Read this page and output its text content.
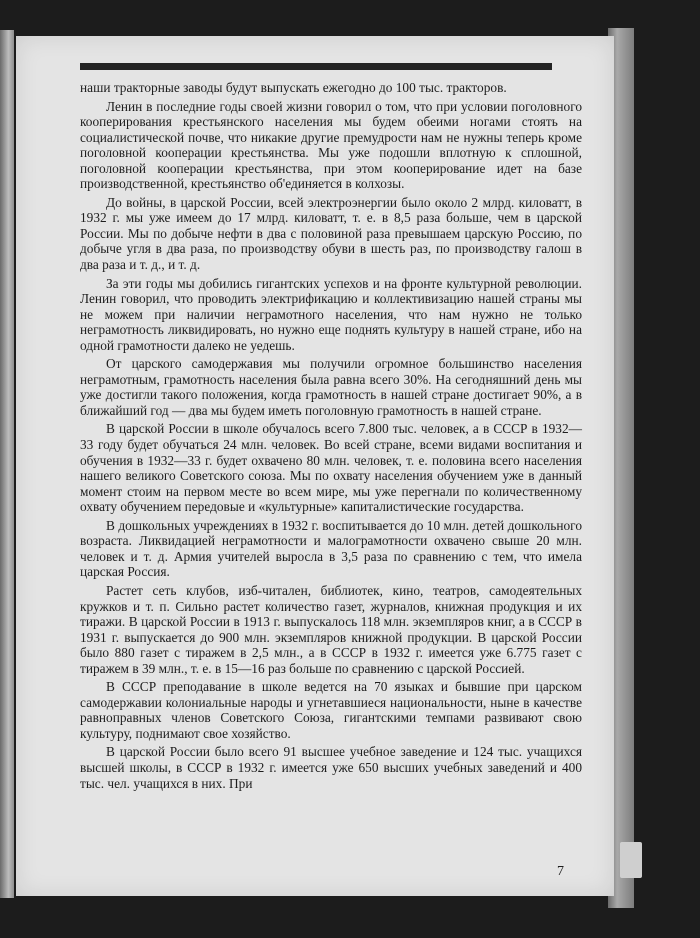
наши тракторные заводы будут выпускать ежегодно до 100 тыс. тракторов.

Ленин в последние годы своей жизни говорил о том, что при условии поголовного кооперирования крестьянского населения мы будем обеими ногами стоять на социалистической почве, что никакие другие премудрости нам не нужны теперь кроме поголовной кооперации крестьянства. Мы уже подошли вплотную к сплошной, поголовной кооперации крестьянства, при этом кооперирование идет на базе производственной, крестьянство об'единяется в колхозы.

До войны, в царской России, всей электроэнергии было около 2 млрд. киловатт, в 1932 г. мы уже имеем до 17 млрд. киловатт, т. е. в 8,5 раза больше, чем в царской России. Мы по добыче нефти в два с половиной раза превышаем царскую Россию, по добыче угля в два раза, по производству обуви в шесть раз, по производству галош в два раза и т. д., и т. д.

За эти годы мы добились гигантских успехов и на фронте культурной революции. Ленин говорил, что проводить электрификацию и коллективизацию нашей страны мы не можем при наличии неграмотного населения, что нам нужно не только неграмотность ликвидировать, но нужно еще поднять культуру в нашей стране, ибо на одной грамотности далеко не уедешь.

От царского самодержавия мы получили огромное большинство населения неграмотным, грамотность населения была равна всего 30%. На сегодняшний день мы уже достигли такого положения, когда грамотность в нашей стране достигает 90%, а в ближайший год — два мы будем иметь поголовную грамотность в нашей стране.

В царской России в школе обучалось всего 7.800 тыс. человек, а в СССР в 1932—33 году будет обучаться 24 млн. человек. Во всей стране, всеми видами воспитания и обучения в 1932—33 г. будет охвачено 80 млн. человек, т. е. половина всего населения нашего великого Советского союза. Мы по охвату населения обучением уже в данный момент стоим на первом месте во всем мире, мы уже перегнали по количественному охвату обучением передовые и «культурные» капиталистические государства.

В дошкольных учреждениях в 1932 г. воспитывается до 10 млн. детей дошкольного возраста. Ликвидацией неграмотности и малограмотности охвачено свыше 20 млн. человек и т. д. Армия учителей выросла в 3,5 раза по сравнению с тем, что имела царская Россия.

Растет сеть клубов, изб-читален, библиотек, кино, театров, самодеятельных кружков и т. п. Сильно растет количество газет, журналов, книжная продукция и их тиражи. В царской России в 1913 г. выпускалось 118 млн. экземпляров книг, а в СССР в 1931 г. выпускается до 900 млн. экземпляров книжной продукции. В царской России было 880 газет с тиражем в 2,5 млн., а в СССР в 1932 г. имеется уже 6.775 газет с тиражем в 39 млн., т. е. в 15—16 раз больше по сравнению с царской Россией.

В СССР преподавание в школе ведется на 70 языках и бывшие при царском самодержавии колониальные народы и угнетавшиеся национальности, ныне в качестве равноправных членов Советского Союза, гигантскими темпами развивают свою культуру, поднимают свое хозяйство.

В царской России было всего 91 высшее учебное заведение и 124 тыс. учащихся высшей школы, в СССР в 1932 г. имеется уже 650 высших учебных заведений и 400 тыс. чел. учащихся в них. При

7
